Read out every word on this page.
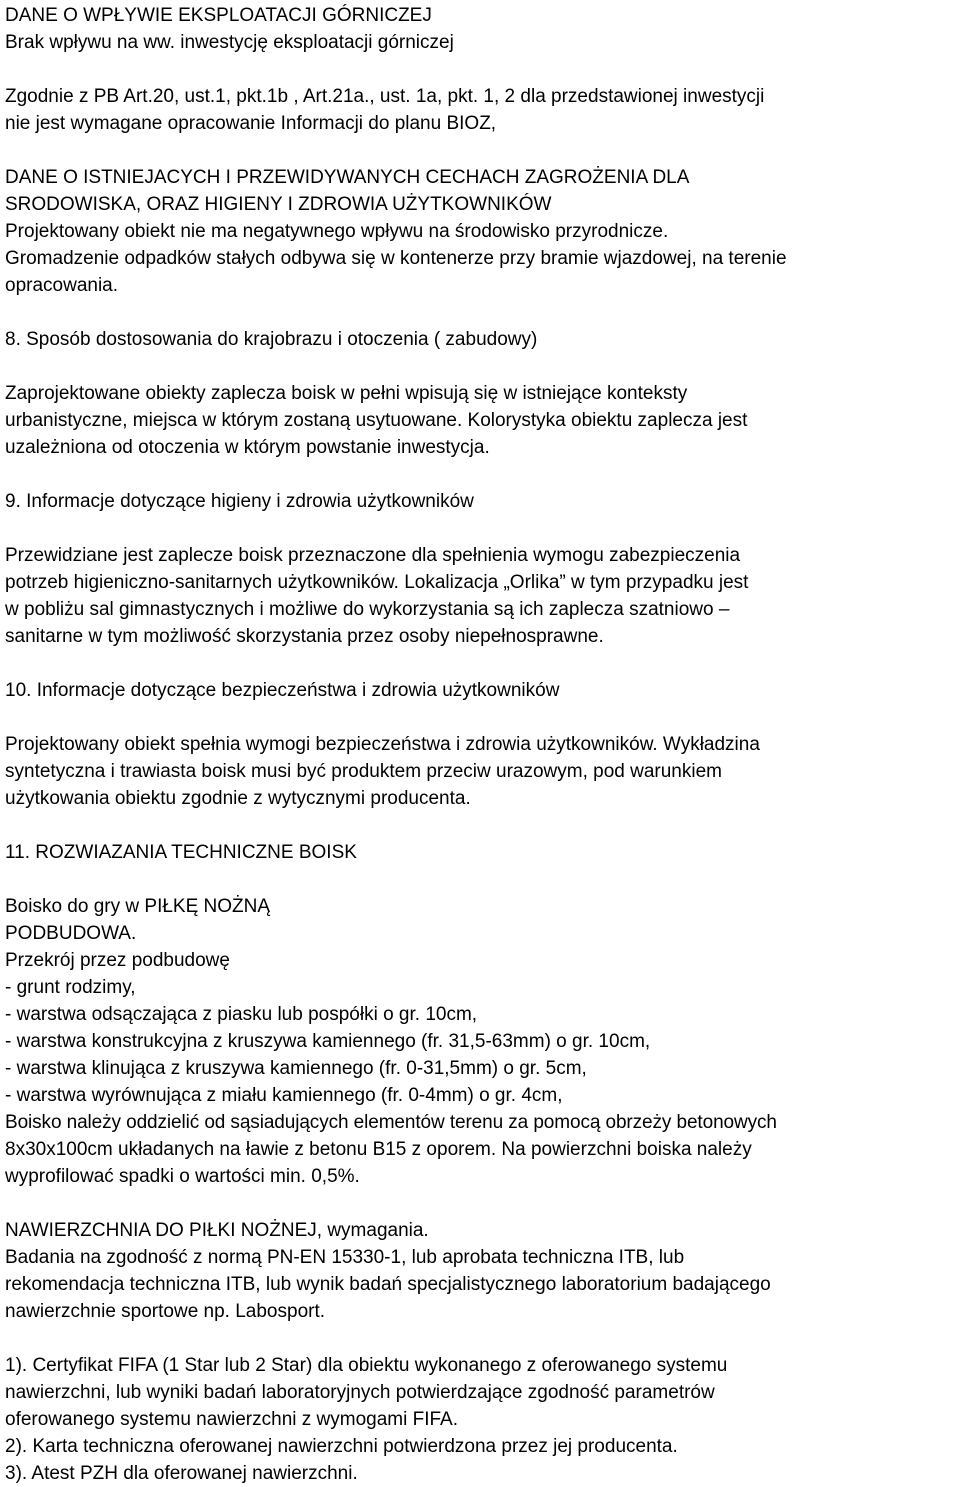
DANE O WPŁYWIE EKSPLOATACJI GÓRNICZEJ
Brak wpływu na ww. inwestycję eksploatacji górniczej
Zgodnie z PB Art.20, ust.1, pkt.1b , Art.21a., ust. 1a, pkt. 1, 2 dla przedstawionej inwestycji
nie jest wymagane opracowanie Informacji do planu BIOZ,
DANE O ISTNIEJACYCH I PRZEWIDYWANYCH CECHACH ZAGROŻENIA DLA
SRODOWISKA, ORAZ HIGIENY I ZDROWIA UŻYTKOWNIKÓW
Projektowany obiekt nie ma negatywnego wpływu na środowisko przyrodnicze.
Gromadzenie odpadków stałych odbywa się w kontenerze przy bramie wjazdowej, na terenie
opracowania.
8. Sposób dostosowania do krajobrazu i otoczenia ( zabudowy)
Zaprojektowane obiekty zaplecza boisk w pełni wpisują się w istniejące konteksty
urbanistyczne, miejsca w którym zostaną usytuowane. Kolorystyka obiektu zaplecza jest
uzależniona od otoczenia w którym powstanie inwestycja.
9. Informacje dotyczące higieny i zdrowia użytkowników
Przewidziane jest zaplecze boisk przeznaczone dla spełnienia wymogu zabezpieczenia
potrzeb higieniczno-sanitarnych użytkowników. Lokalizacja „Orlika” w tym przypadku jest
w pobliżu sal gimnastycznych i możliwe do wykorzystania są ich zaplecza szatniowo –
sanitarne w tym możliwość skorzystania przez osoby niepełnosprawne.
10. Informacje dotyczące bezpieczeństwa i zdrowia użytkowników
Projektowany obiekt spełnia wymogi bezpieczeństwa i zdrowia użytkowników. Wykładzina
syntetyczna i trawiasta boisk musi być produktem przeciw urazowym, pod warunkiem
użytkowania obiektu zgodnie z wytycznymi producenta.
11. ROZWIAZANIA TECHNICZNE BOISK
Boisko do gry w PIŁKĘ NOŻNĄ
PODBUDOWA.
Przekrój przez podbudowę
- grunt rodzimy,
- warstwa odsączająca z piasku lub pospółki o gr. 10cm,
- warstwa konstrukcyjna z kruszywa kamiennego (fr. 31,5-63mm) o gr. 10cm,
- warstwa klinująca z kruszywa kamiennego (fr. 0-31,5mm) o gr. 5cm,
- warstwa wyrównująca z miału kamiennego (fr. 0-4mm) o gr. 4cm,
Boisko należy oddzielić od sąsiadujących elementów terenu za pomocą obrzeży betonowych
8x30x100cm układanych na ławie z betonu B15 z oporem. Na powierzchni boiska należy
wyprofilować spadki o wartości min. 0,5%.
NAWIERZCHNIA DO PIŁKI NOŻNEJ, wymagania.
Badania na zgodność z normą PN-EN 15330-1, lub aprobata techniczna ITB, lub
rekomendacja techniczna ITB, lub wynik badań specjalistycznego laboratorium badającego
nawierzchnie sportowe np. Labosport.
1). Certyfikat FIFA (1 Star lub 2 Star) dla obiektu wykonanego z oferowanego systemu
nawierzchni, lub wyniki badań laboratoryjnych potwierdzające zgodność parametrów
oferowanego systemu nawierzchni z wymogami FIFA.
2). Karta techniczna oferowanej nawierzchni potwierdzona przez jej producenta.
3). Atest PZH dla oferowanej nawierzchni.
